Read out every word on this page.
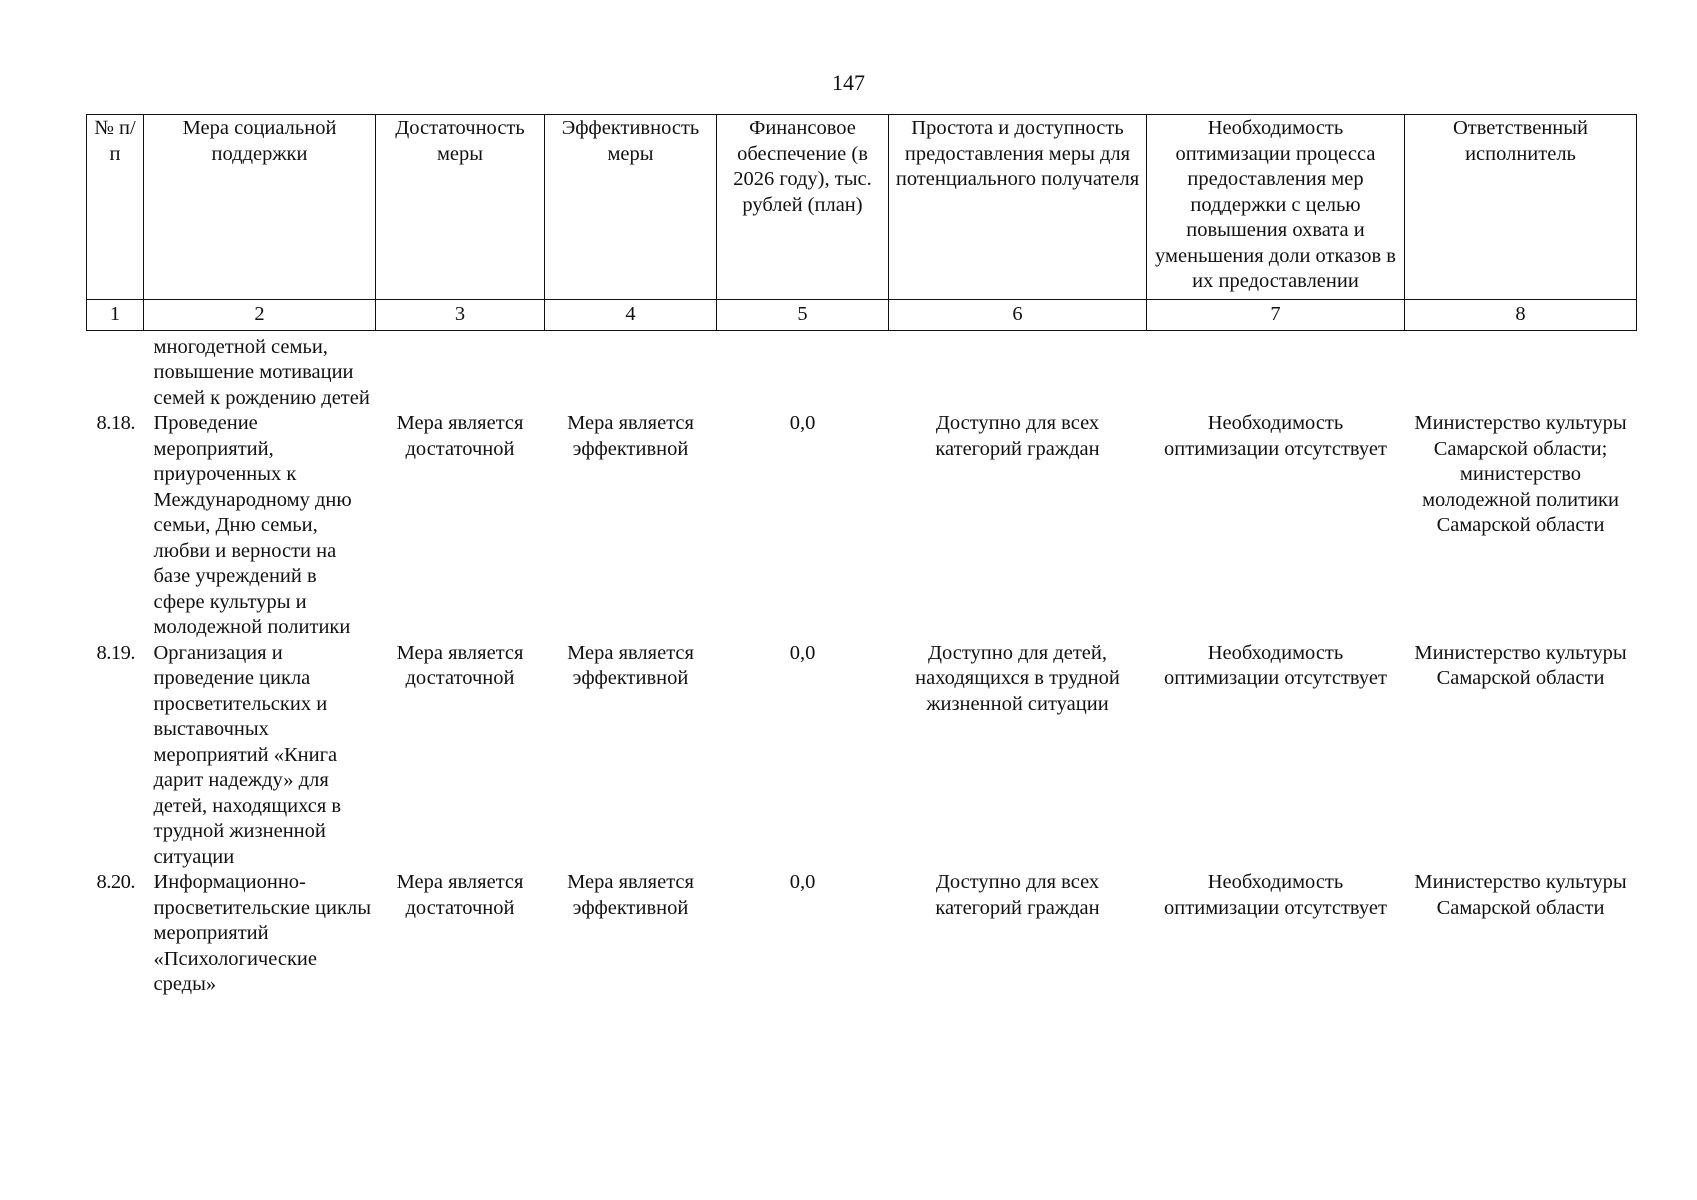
147
№ п/п	Мера социальной поддержки	Достаточность меры	Эффективность меры	Финансовое обеспечение (в 2026 году), тыс. рублей (план)	Простота и доступность предоставления меры для потенциального получателя	Необходимость оптимизации процесса предоставления мер поддержки с целью повышения охвата и уменьшения доли отказов в их предоставлении	Ответственный исполнитель
1	2	3	4	5	6	7	8
	многодетной семьи, повышение мотивации семей к рождению детей						
8.18.	Проведение мероприятий, приуроченных к Международному дню семьи, Дню семьи, любви и верности на базе учреждений в сфере культуры и молодежной политики	Мера является достаточной	Мера является эффективной	0,0	Доступно для всех категорий граждан	Необходимость оптимизации отсутствует	Министерство культуры Самарской области; министерство молодежной политики Самарской области
8.19.	Организация и проведение цикла просветительских и выставочных мероприятий «Книга дарит надежду» для детей, находящихся в трудной жизненной ситуации	Мера является достаточной	Мера является эффективной	0,0	Доступно для детей, находящихся в трудной жизненной ситуации	Необходимость оптимизации отсутствует	Министерство культуры Самарской области
8.20.	Информационно-просветительские циклы мероприятий «Психологические среды»	Мера является достаточной	Мера является эффективной	0,0	Доступно для всех категорий граждан	Необходимость оптимизации отсутствует	Министерство культуры Самарской области
